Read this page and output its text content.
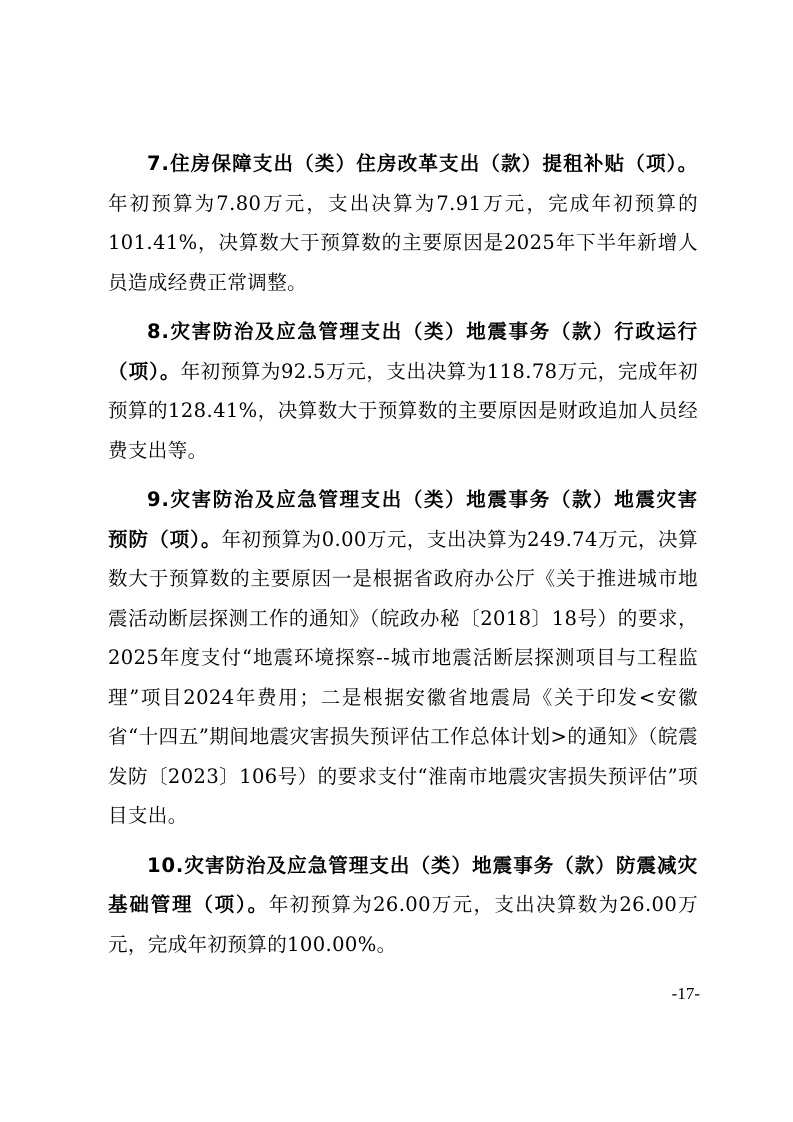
7.住房保障支出（类）住房改革支出（款）提租补贴（项）。年初预算为7.80万元，支出决算为7.91万元，完成年初预算的101.41%，决算数大于预算数的主要原因是2025年下半年新增人员造成经费正常调整。

8.灾害防治及应急管理支出（类）地震事务（款）行政运行（项）。年初预算为92.5万元，支出决算为118.78万元，完成年初预算的128.41%，决算数大于预算数的主要原因是财政追加人员经费支出等。

9.灾害防治及应急管理支出（类）地震事务（款）地震灾害预防（项）。年初预算为0.00万元，支出决算为249.74万元，决算数大于预算数的主要原因一是根据省政府办公厅《关于推进城市地震活动断层探测工作的通知》（皖政办秘〔2018〕18号）的要求，2025年度支付“地震环境探察--城市地震活断层探测项目与工程监理”项目2024年费用；二是根据安徽省地震局《关于印发<安徽省“十四五”期间地震灾害损失预评估工作总体计划>的通知》（皖震发防〔2023〕106号）的要求支付“淮南市地震灾害损失预评估”项目支出。

10.灾害防治及应急管理支出（类）地震事务（款）防震减灾基础管理（项）。年初预算为26.00万元，支出决算数为26.00万元，完成年初预算的100.00%。

-17-
